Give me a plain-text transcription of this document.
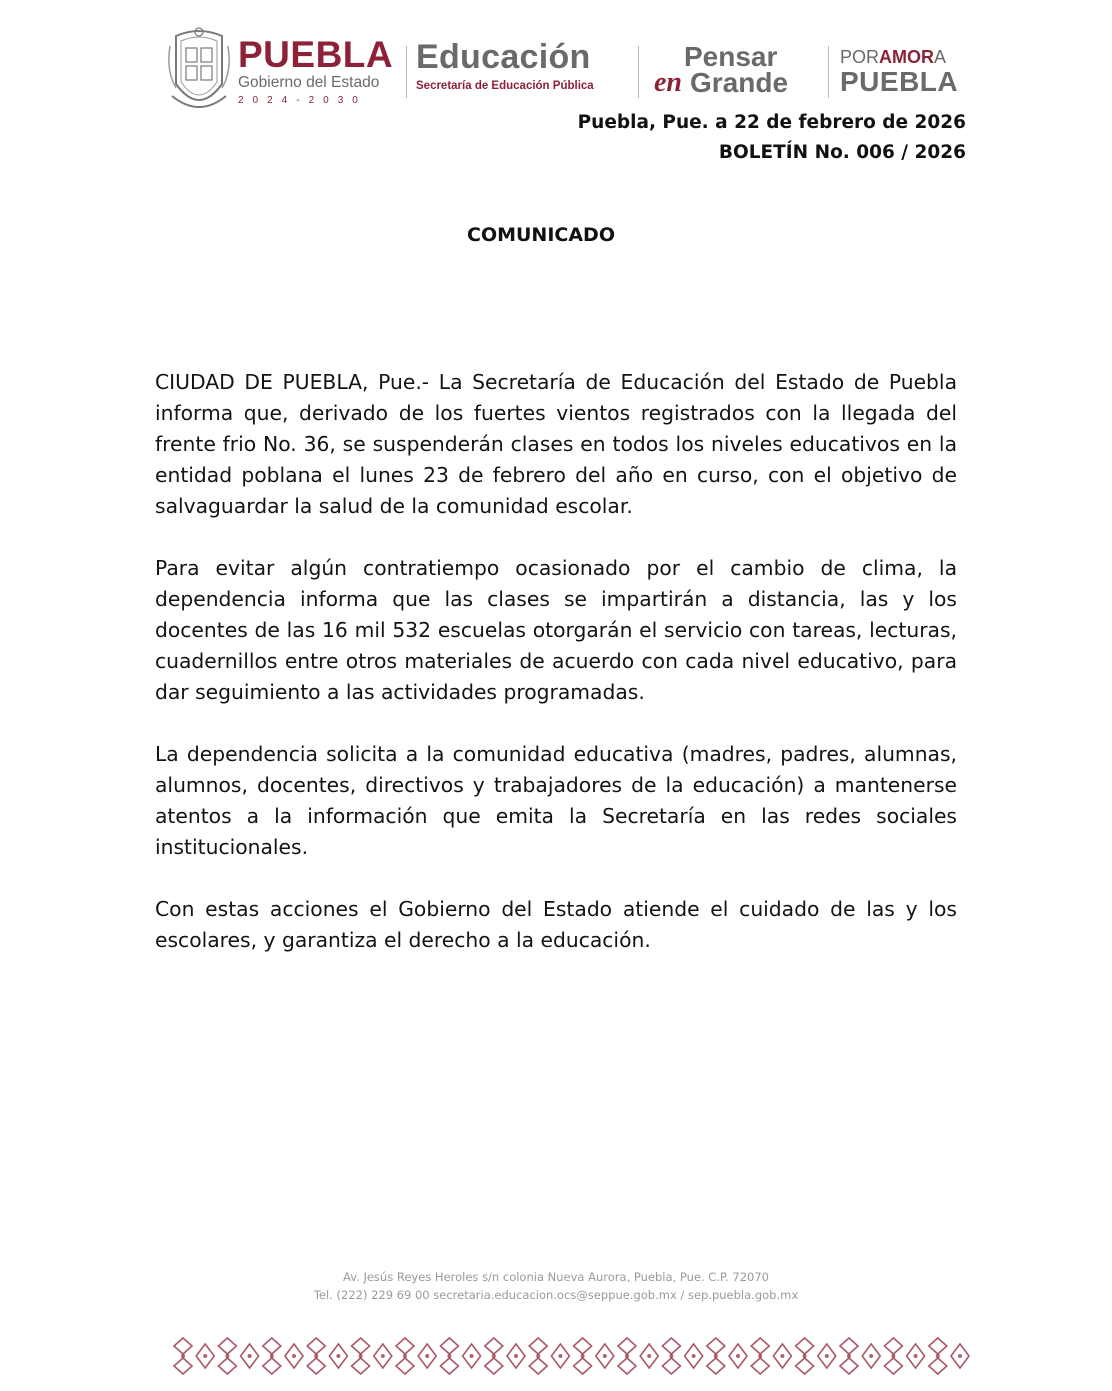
PUEBLA
Gobierno del Estado
2024-2030
Educación
Secretaría de Educación Pública
Pensar
en Grande
PORAMORA
PUEBLA
Puebla, Pue. a 22 de febrero de 2026
BOLETÍN No. 006 / 2026
COMUNICADO

CIUDAD DE PUEBLA, Pue.- La Secretaría de Educación del Estado de Puebla informa que, derivado de los fuertes vientos registrados con la llegada del frente frio No. 36, se suspenderán clases en todos los niveles educativos en la entidad poblana el lunes 23 de febrero del año en curso, con el objetivo de salvaguardar la salud de la comunidad escolar.

Para evitar algún contratiempo ocasionado por el cambio de clima, la dependencia informa que las clases se impartirán a distancia, las y los docentes de las 16 mil 532 escuelas otorgarán el servicio con tareas, lecturas, cuadernillos entre otros materiales de acuerdo con cada nivel educativo, para dar seguimiento a las actividades programadas.

La dependencia solicita a la comunidad educativa (madres, padres, alumnas, alumnos, docentes, directivos y trabajadores de la educación) a mantenerse atentos a la información que emita la Secretaría en las redes sociales institucionales.

Con estas acciones el Gobierno del Estado atiende el cuidado de las y los escolares, y garantiza el derecho a la educación.

Av. Jesús Reyes Heroles s/n colonia Nueva Aurora, Puebla, Pue. C.P. 72070
Tel. (222) 229 69 00 secretaria.educacion.ocs@seppue.gob.mx / sep.puebla.gob.mx
